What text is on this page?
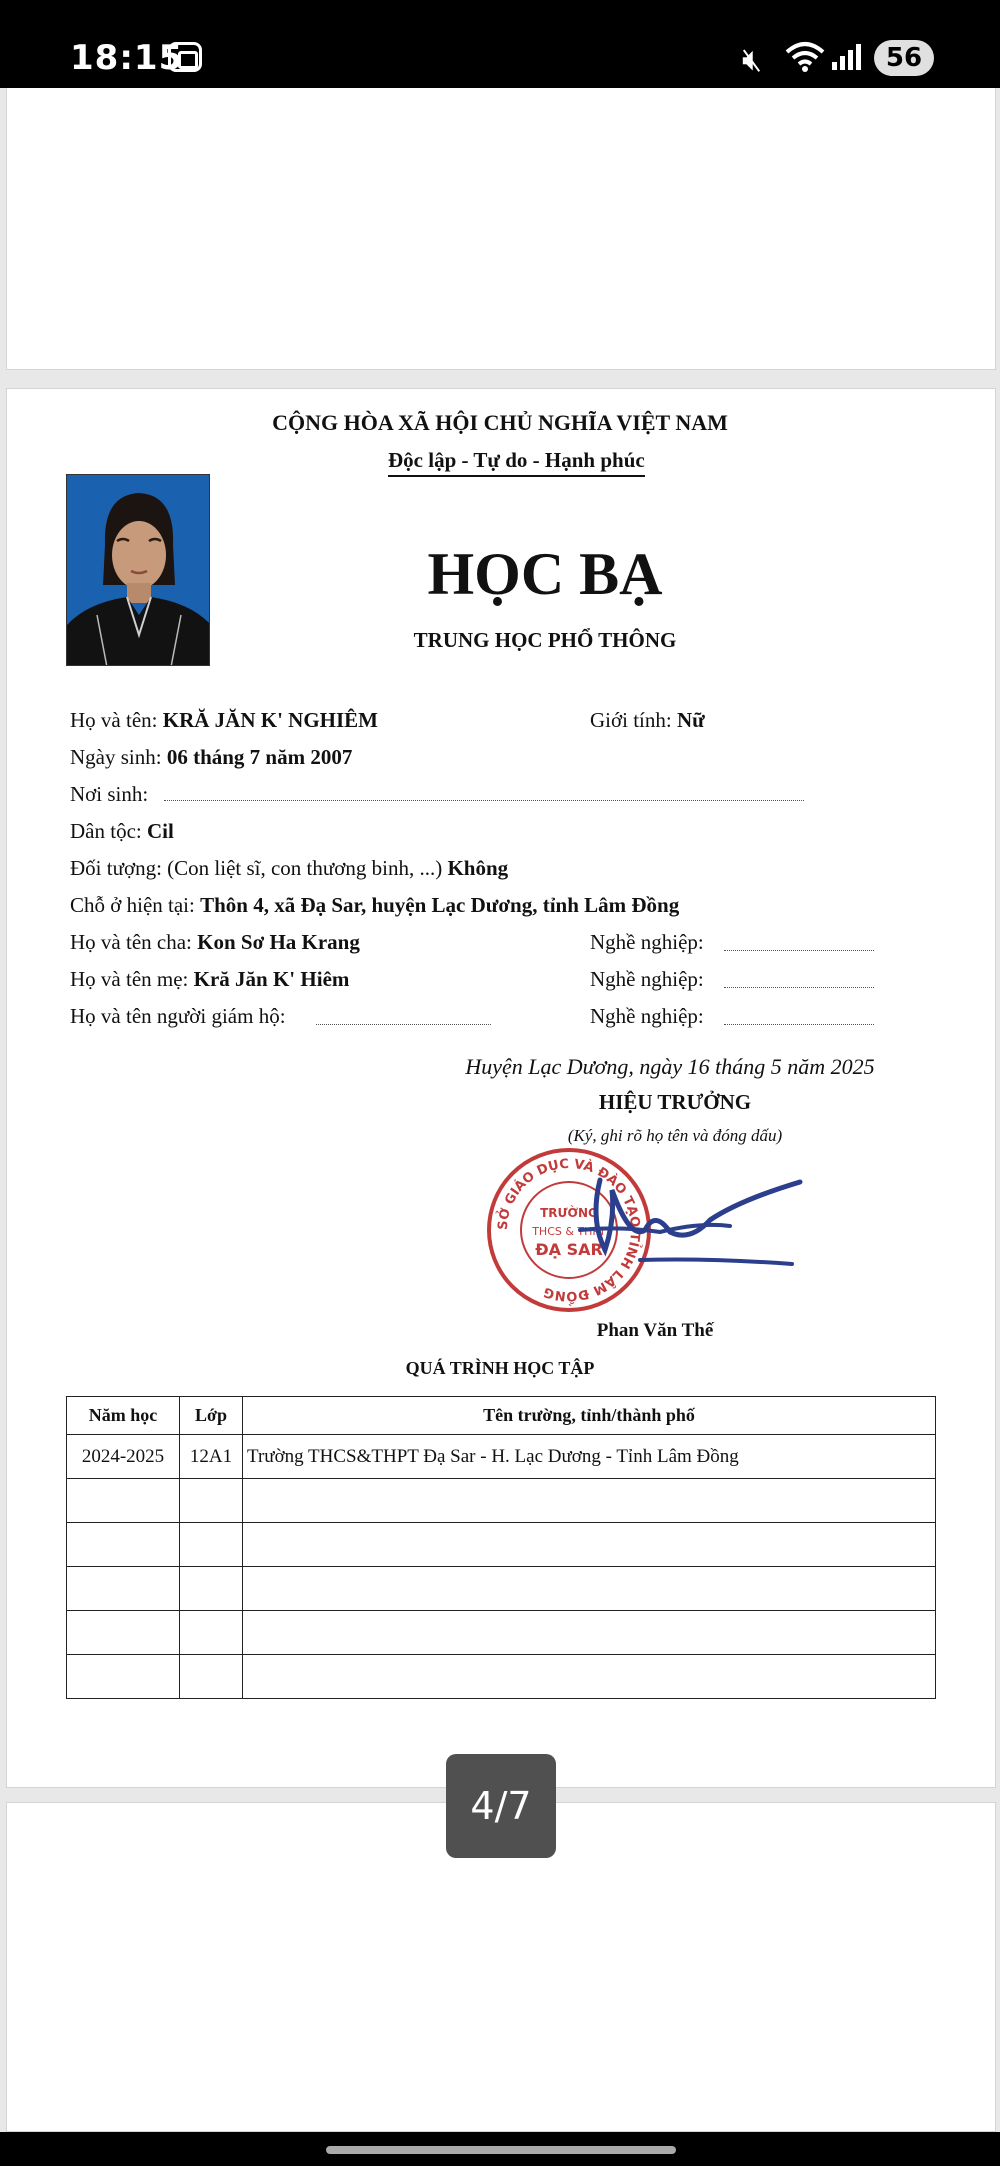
18:15	🔇︎	56
CỘNG HÒA XÃ HỘI CHỦ NGHĨA VIỆT NAM
Độc lập - Tự do - Hạnh phúc
HỌC BẠ
TRUNG HỌC PHỔ THÔNG
Họ và tên: KRĂ JĂN K' NGHIÊM	Giới tính: Nữ
Ngày sinh: 06 tháng 7 năm 2007
Nơi sinh:
Dân tộc: Cil
Đối tượng: (Con liệt sĩ, con thương binh, ...) Không
Chỗ ở hiện tại: Thôn 4, xã Đạ Sar, huyện Lạc Dương, tỉnh Lâm Đồng
Họ và tên cha: Kon Sơ Ha Krang	Nghề nghiệp:
Họ và tên mẹ: Kră Jăn K' Hiêm	Nghề nghiệp:
Họ và tên người giám hộ:	Nghề nghiệp:
Huyện Lạc Dương, ngày 16 tháng 5 năm 2025
HIỆU TRƯỞNG
(Ký, ghi rõ họ tên và đóng dấu)
SỞ GIÁO DỤC VÀ ĐÀO TẠO TỈNH LÂM ĐỒNG
TRƯỜNG
THCS & THPT
ĐẠ SAR
Phan Văn Thế
QUÁ TRÌNH HỌC TẬP
Năm học	Lớp	Tên trường, tỉnh/thành phố
2024-2025	12A1	Trường THCS&THPT Đạ Sar - H. Lạc Dương - Tỉnh Lâm Đồng

4/7
